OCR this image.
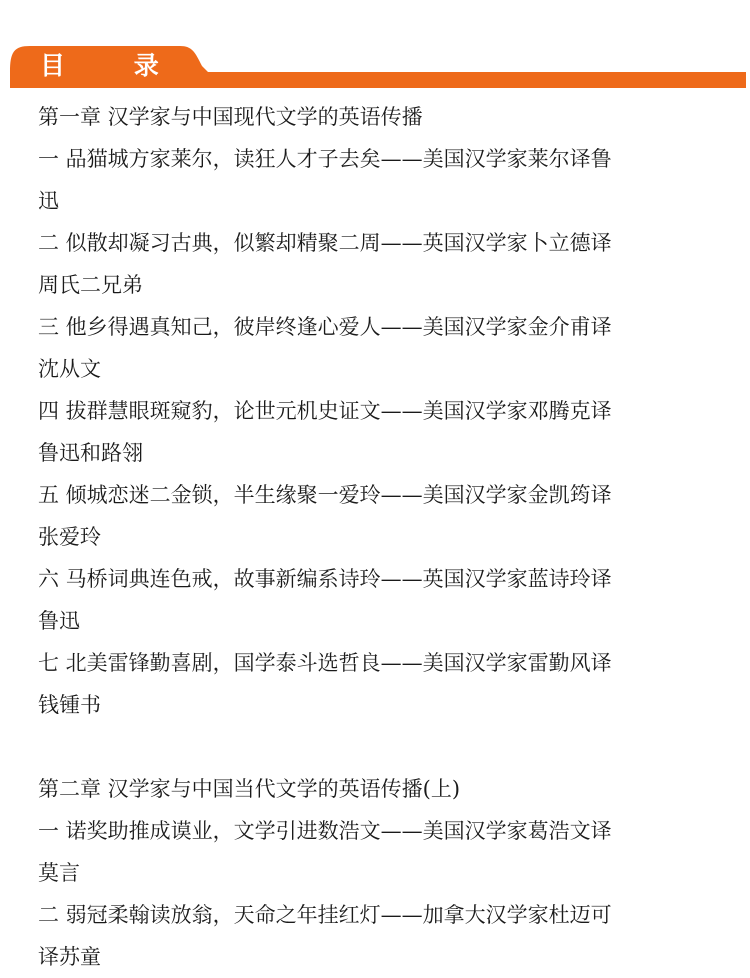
目 录
第一章 汉学家与中国现代文学的英语传播
一 品猫城方家莱尔，读狂人才子去矣——美国汉学家莱尔译鲁
迅
二 似散却凝习古典，似繁却精聚二周——英国汉学家卜立德译
周氏二兄弟
三 他乡得遇真知己，彼岸终逢心爱人——美国汉学家金介甫译
沈从文
四 拔群慧眼斑窥豹，论世元机史证文——美国汉学家邓腾克译
鲁迅和路翎
五 倾城恋迷二金锁，半生缘聚一爱玲——美国汉学家金凯筠译
张爱玲
六 马桥词典连色戒，故事新编系诗玲——英国汉学家蓝诗玲译
鲁迅
七 北美雷锋勤喜剧，国学泰斗选哲良——美国汉学家雷勤风译
钱锺书
第二章 汉学家与中国当代文学的英语传播(上)
一 诺奖助推成谟业，文学引进数浩文——美国汉学家葛浩文译
莫言
二 弱冠柔翰读放翁，天命之年挂红灯——加拿大汉学家杜迈可
译苏童
